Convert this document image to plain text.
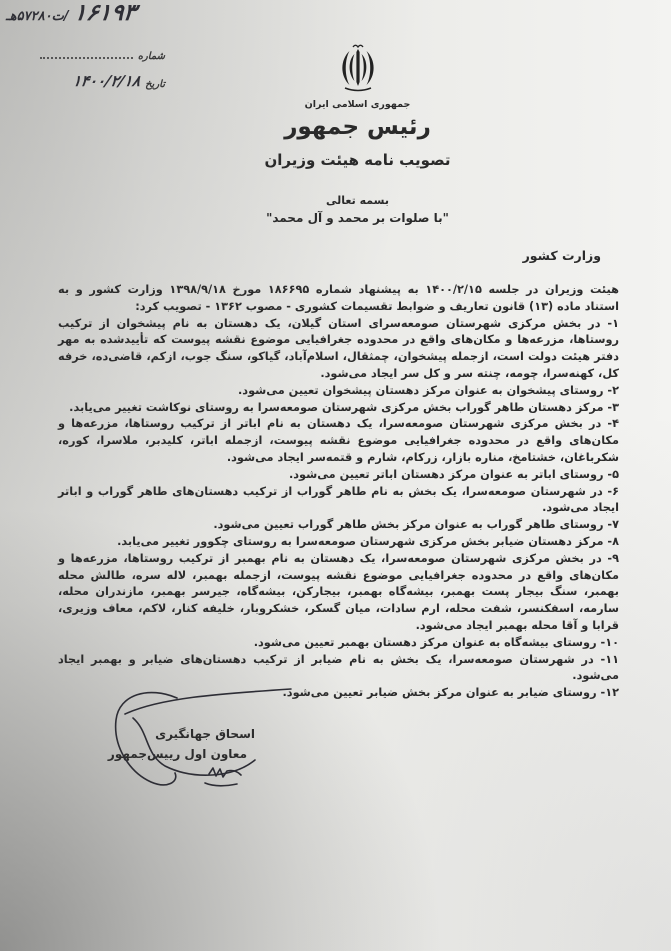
۱۶۱۹۳
/ت۵۷۲۸۰هـ
شماره
تاریخ
۱۴۰۰/۲/۱۸
جمهوری اسلامی ایران
رئیس جمهور
تصویب نامه هیئت وزیران
بسمه تعالی
"با صلوات بر محمد و آل محمد"
وزارت کشور

هیئت وزیران در جلسه ۱۴۰۰/۲/۱۵ به پیشنهاد شماره ۱۸۶۶۹۵ مورخ ۱۳۹۸/۹/۱۸ وزارت کشور و به استناد ماده (۱۳) قانون تعاریف و ضوابط تقسیمات کشوری - مصوب ۱۳۶۲ - تصویب کرد:

۱- در بخش مرکزی شهرستان صومعه‌سرای استان گیلان، یک دهستان به نام پیشخوان از ترکیب روستاها، مزرعه‌ها و مکان‌های واقع در محدوده جغرافیایی موضوع نقشه پیوست که تأییدشده به مهر دفتر هیئت دولت است، ازجمله پیشخوان، چمثقال، اسلام‌آباد، گیاکو، سنگ جوب، ازکم، قاضی‌ده، خرفه کل، کهنه‌سرا، چومه، چنته سر و کل سر ایجاد می‌شود.

۲- روستای پیشخوان به عنوان مرکز دهستان پیشخوان تعیین می‌شود.

۳- مرکز دهستان طاهر گوراب بخش مرکزی شهرستان صومعه‌سرا به روستای نوکاشت تغییر می‌یابد.

۴- در بخش مرکزی شهرستان صومعه‌سرا، یک دهستان به نام اباتر از ترکیب روستاها، مزرعه‌ها و مکان‌های واقع در محدوده جغرافیایی موضوع نقشه پیوست، ازجمله اباتر، کلیدبر، ملاسرا، کوره، شکرباغان، خشتامخ، مناره بازار، زرکام، شارم و قتمه‌سر ایجاد می‌شود.

۵- روستای اباتر به عنوان مرکز دهستان اباتر تعیین می‌شود.

۶- در شهرستان صومعه‌سرا، یک بخش به نام طاهر گوراب از ترکیب دهستان‌های طاهر گوراب و اباتر ایجاد می‌شود.

۷- روستای طاهر گوراب به عنوان مرکز بخش طاهر گوراب تعیین می‌شود.

۸- مرکز دهستان ضیابر بخش مرکزی شهرستان صومعه‌سرا به روستای چکوور تغییر می‌یابد.

۹- در بخش مرکزی شهرستان صومعه‌سرا، یک دهستان به نام بهمبر از ترکیب روستاها، مزرعه‌ها و مکان‌های واقع در محدوده جغرافیایی موضوع نقشه پیوست، ازجمله بهمبر، لاله سره، طالش محله بهمبر، سنگ بیجار پست بهمبر، بیشه‌گاه بهمبر، بیجارکن، بیشه‌گاه، جیرسر بهمبر، مازندران محله، سارمه، اسفکنسر، شفت محله، ارم سادات، میان گسکر، خشکروبار، خلیفه کنار، لاکم، معاف وزیری، قرابا و آقا محله بهمبر ایجاد می‌شود.

۱۰- روستای بیشه‌گاه به عنوان مرکز دهستان بهمبر تعیین می‌شود.

۱۱- در شهرستان صومعه‌سرا، یک بخش به نام ضیابر از ترکیب دهستان‌های ضیابر و بهمبر ایجاد می‌شود.

۱۲- روستای ضیابر به عنوان مرکز بخش ضیابر تعیین می‌شود.

اسحاق جهانگیری
معاون اول رییس‌جمهور
